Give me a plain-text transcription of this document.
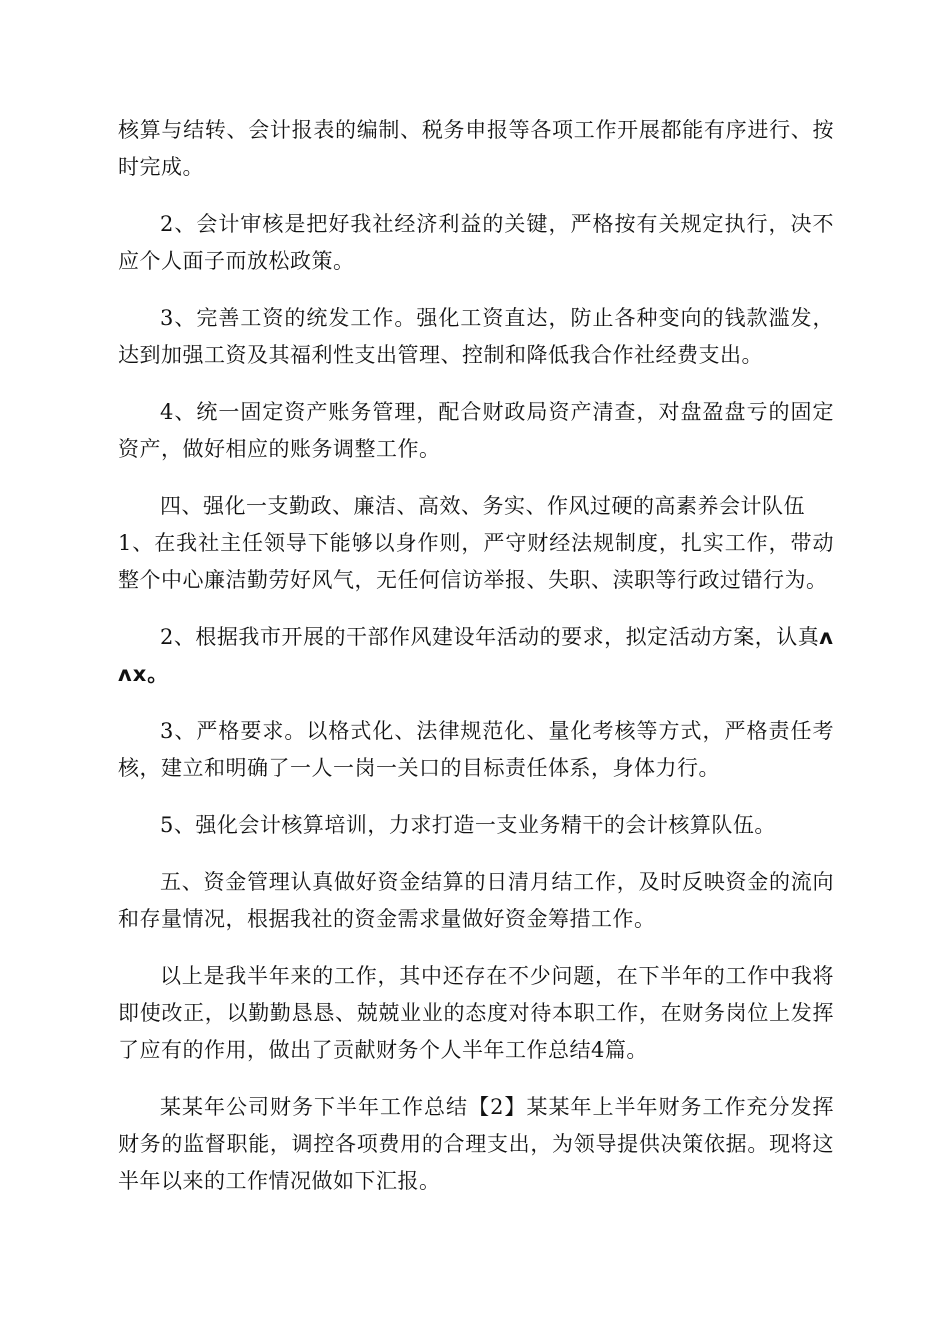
核算与结转、会计报表的编制、税务申报等各项工作开展都能有序进行、按时完成。

2、会计审核是把好我社经济利益的关键，严格按有关规定执行，决不应个人面子而放松政策。

3、完善工资的统发工作。强化工资直达，防止各种变向的钱款滥发，达到加强工资及其福利性支出管理、控制和降低我合作社经费支出。

4、统一固定资产账务管理，配合财政局资产清查，对盘盈盘亏的固定资产，做好相应的账务调整工作。

四、强化一支勤政、廉洁、高效、务实、作风过硬的高素养会计队伍

1、在我社主任领导下能够以身作则，严守财经法规制度，扎实工作，带动整个中心廉洁勤劳好风气，无任何信访举报、失职、渎职等行政过错行为。

2、根据我市开展的干部作风建设年活动的要求，拟定活动方案，认真ʌʌx。

3、严格要求。以格式化、法律规范化、量化考核等方式，严格责任考核，建立和明确了一人一岗一关口的目标责任体系，身体力行。

5、强化会计核算培训，力求打造一支业务精干的会计核算队伍。

五、资金管理认真做好资金结算的日清月结工作，及时反映资金的流向和存量情况，根据我社的资金需求量做好资金筹措工作。

以上是我半年来的工作，其中还存在不少问题，在下半年的工作中我将即使改正，以勤勤恳恳、兢兢业业的态度对待本职工作，在财务岗位上发挥了应有的作用，做出了贡献财务个人半年工作总结4篇。

某某年公司财务下半年工作总结【2】某某年上半年财务工作充分发挥财务的监督职能，调控各项费用的合理支出，为领导提供决策依据。现将这半年以来的工作情况做如下汇报。
